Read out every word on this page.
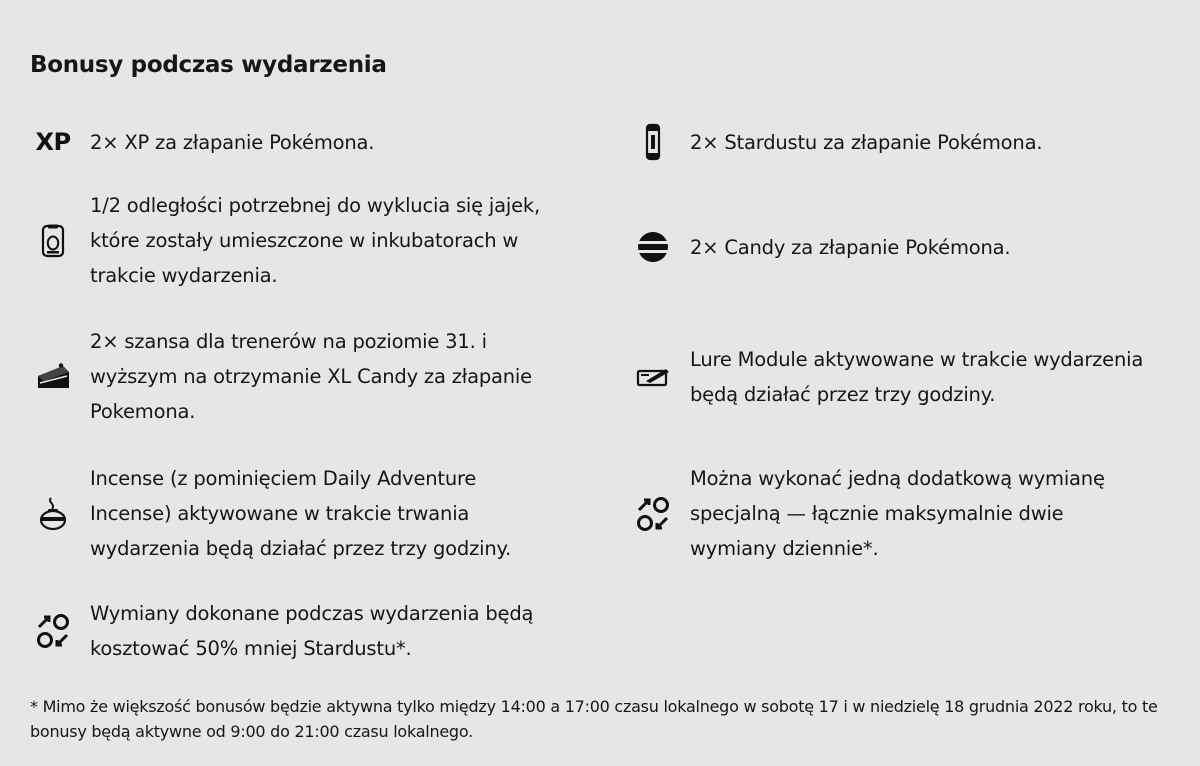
Bonusy podczas wydarzenia
XP 2× XP za złapanie Pokémona.
1/2 odległości potrzebnej do wyklucia się jajek, które zostały umieszczone w inkubatorach w trakcie wydarzenia.
2× szansa dla trenerów na poziomie 31. i wyższym na otrzymanie XL Candy za złapanie Pokemona.
Incense (z pominięciem Daily Adventure Incense) aktywowane w trakcie trwania wydarzenia będą działać przez trzy godziny.
Wymiany dokonane podczas wydarzenia będą kosztować 50% mniej Stardustu*.
2× Stardustu za złapanie Pokémona.
2× Candy za złapanie Pokémona.
Lure Module aktywowane w trakcie wydarzenia będą działać przez trzy godziny.
Można wykonać jedną dodatkową wymianę specjalną — łącznie maksymalnie dwie wymiany dziennie*.
* Mimo że większość bonusów będzie aktywna tylko między 14:00 a 17:00 czasu lokalnego w sobotę 17 i w niedzielę 18 grudnia 2022 roku, to te bonusy będą aktywne od 9:00 do 21:00 czasu lokalnego.
